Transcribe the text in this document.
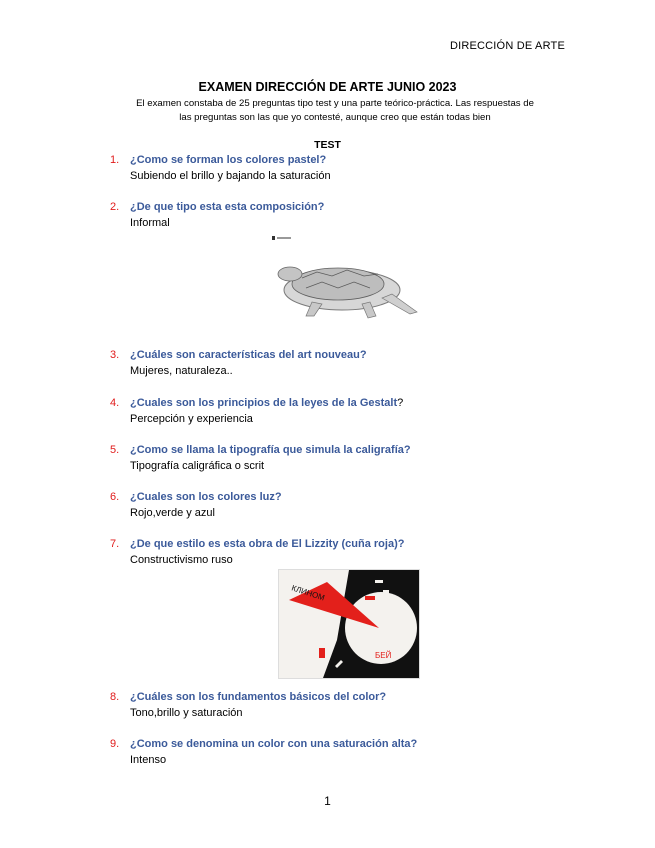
DIRECCIÓN DE ARTE
EXAMEN DIRECCIÓN DE ARTE JUNIO 2023
El examen constaba de 25 preguntas tipo test y una parte teórico-práctica. Las respuestas de
las preguntas son las que yo contesté, aunque creo que están todas bien
TEST
1. ¿Como se forman los colores pastel?
Subiendo el brillo y bajando la saturación
2. ¿De que tipo esta esta composición?
Informal
3. ¿Cuáles son características del art nouveau?
Mujeres, naturaleza..
4. ¿Cuales son los principios de la leyes de la Gestalt?
Percepción y experiencia
5. ¿Como se llama la tipografía que simula la caligrafía?
Tipografía caligráfica o scrit
6. ¿Cuales son los colores luz?
Rojo,verde y azul
7. ¿De que estilo es esta obra de El Lizzity (cuña roja)?
Constructivismo ruso
КЛИНОМ
БЕЙ
8. ¿Cuáles son los fundamentos básicos del color?
Tono,brillo y saturación
9. ¿Como se denomina un color con una saturación alta?
Intenso
1
